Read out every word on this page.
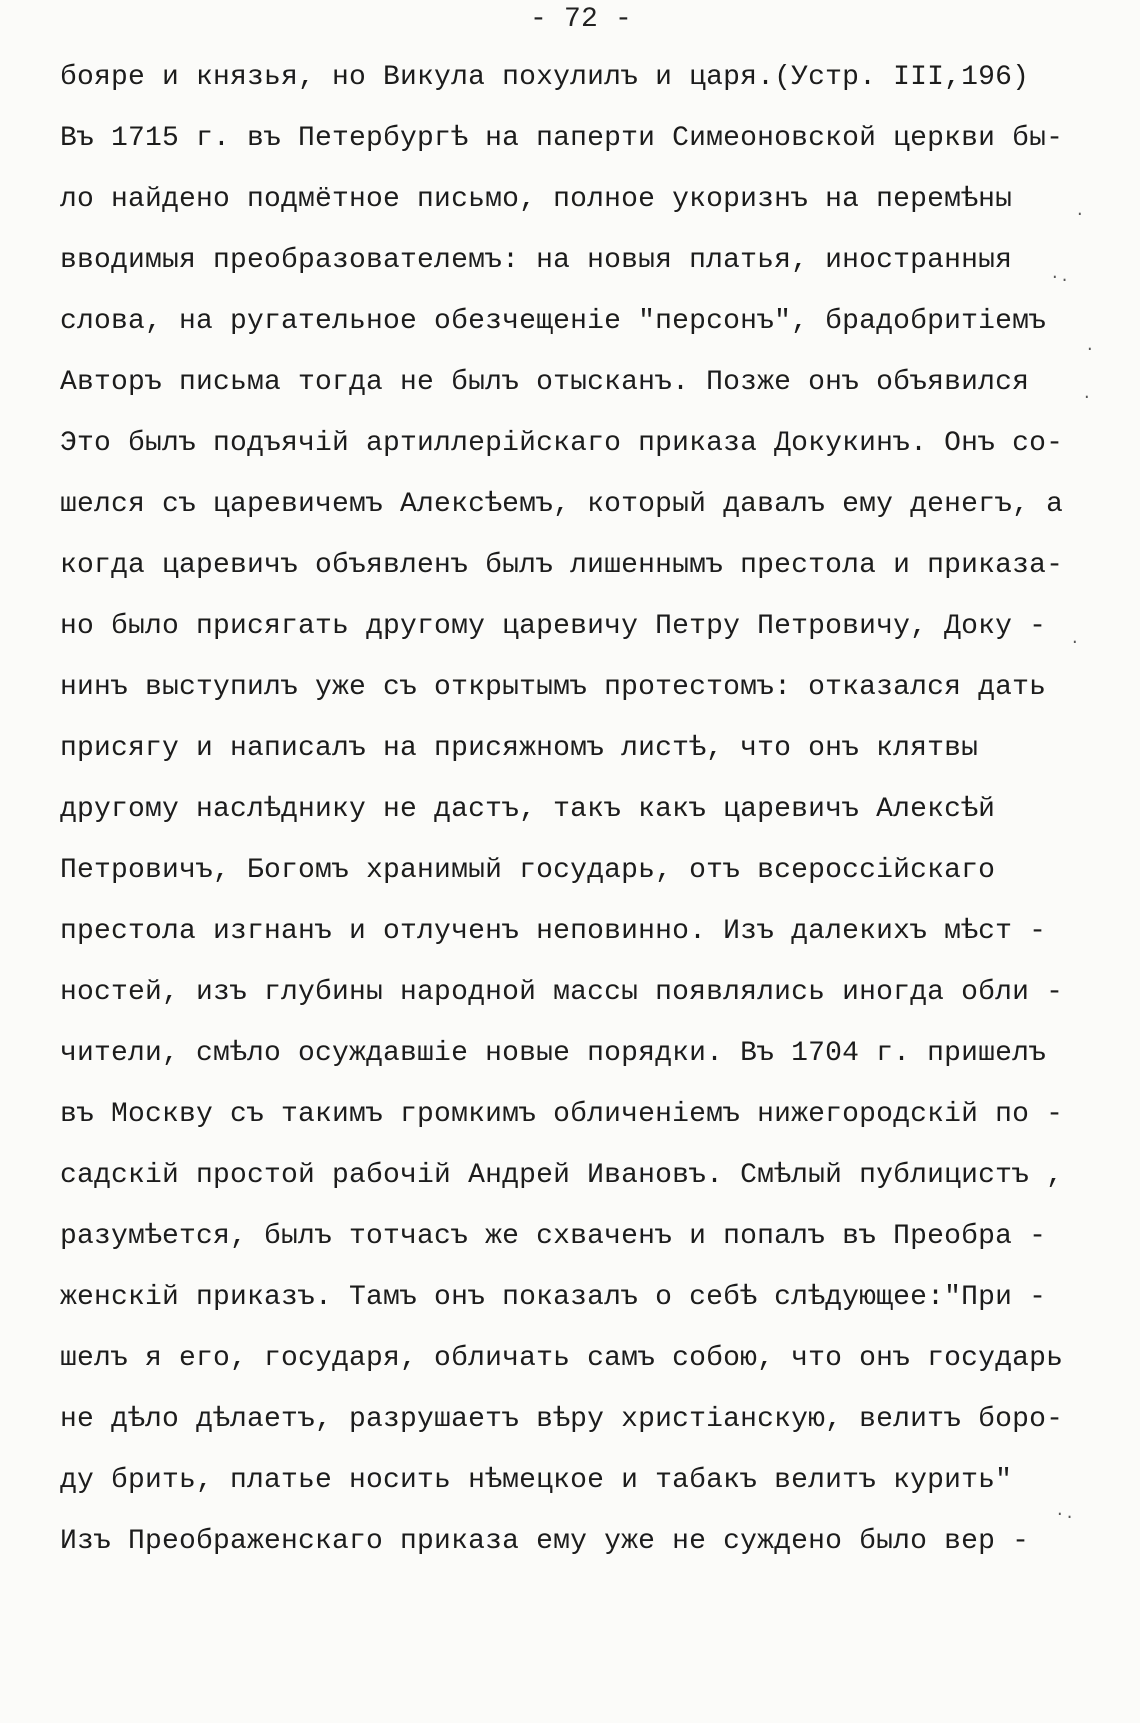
- 72 -
бояре и князья, но Викула похулилъ и царя.(Устр. III,196)
Въ 1715 г. въ Петербургѣ на паперти Симеоновской церкви бы-
ло найдено подмётное письмо, полное укоризнъ на перемѣны
вводимыя преобразователемъ: на новыя платья, иностранныя
слова, на ругательное обезчещеніе "персонъ", брадобритіемъ
Авторъ письма тогда не былъ отысканъ. Позже онъ объявился
Это былъ подъячій артиллерійскаго приказа Докукинъ. Онъ со-
шелся съ царевичемъ Алексѣемъ, который давалъ ему денегъ, а
когда царевичъ объявленъ былъ лишеннымъ престола и приказа-
но было присягать другому царевичу Петру Петровичу, Доку -
нинъ выступилъ уже съ открытымъ протестомъ: отказался дать
присягу и написалъ на присяжномъ листѣ, что онъ клятвы
другому наслѣднику не дастъ, такъ какъ царевичъ Алексѣй
Петровичъ, Богомъ хранимый государь, отъ всероссійскаго
престола изгнанъ и отлученъ неповинно. Изъ далекихъ мѣст -
ностей, изъ глубины народной массы появлялись иногда обли -
чители, смѣло осуждавшіе новые порядки. Въ 1704 г. пришелъ
въ Москву съ такимъ громкимъ обличеніемъ нижегородскій по -
садскій простой рабочій Андрей Ивановъ. Смѣлый публицистъ ,
разумѣется, былъ тотчасъ же схваченъ и попалъ въ Преобра -
женскій приказъ. Тамъ онъ показалъ о себѣ слѣдующее:"При -
шелъ я его, государя, обличать самъ собою, что онъ государь
не дѣло дѣлаетъ, разрушаетъ вѣру христіанскую, велитъ боро-
ду брить, платье носить нѣмецкое и табакъ велитъ курить"
Изъ Преображенскаго приказа ему уже не суждено было вер -
·
·.
·
·
.
·.
